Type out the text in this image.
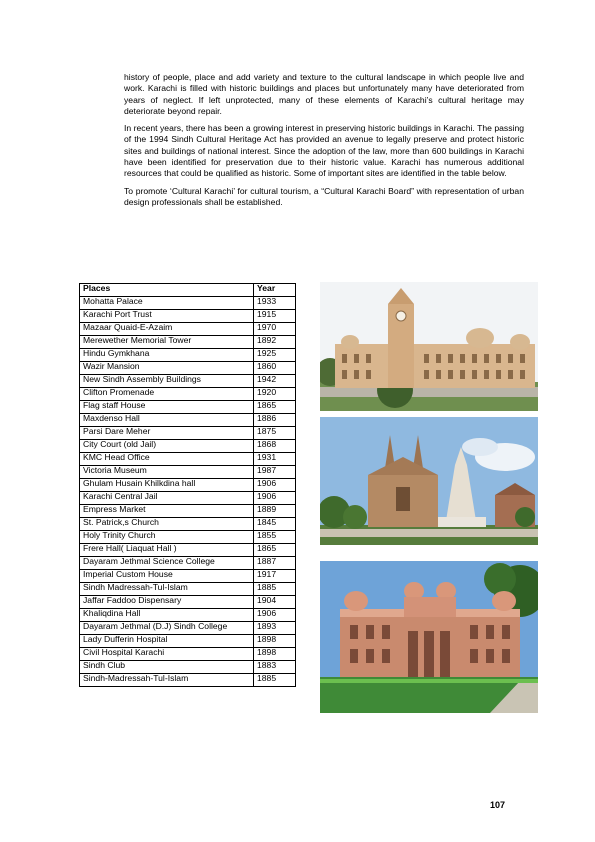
history of people, place and add variety and texture to the cultural landscape in which people live and work. Karachi is filled with historic buildings and places but unfortunately many have deteriorated from years of neglect. If left unprotected, many of these elements of Karachi’s cultural heritage may deteriorate beyond repair.

In recent years, there has been a growing interest in preserving historic buildings in Karachi. The passing of the 1994 Sindh Cultural Heritage Act has provided an avenue to legally preserve and protect historic sites and buildings of national interest. Since the adoption of the law, more than 600 buildings in Karachi have been identified for preservation due to their historic value. Karachi has numerous additional resources that could be qualified as historic. Some of important sites are identified in the table below.

To promote ‘Cultural Karachi’ for cultural tourism, a “Cultural Karachi Board” with representation of urban design professionals shall be established.

Places	Year
Mohatta Palace	1933
Karachi Port Trust	1915
Mazaar Quaid-E-Azaim	1970
Merewether Memorial Tower	1892
Hindu Gymkhana	1925
Wazir Mansion	1860
New Sindh Assembly Buildings	1942
Clifton Promenade	1920
Flag staff House	1865
Maxdenso Hall	1886
Parsi Dare Meher	1875
City Court (old Jail)	1868
KMC Head Office	1931
Victoria Museum	1987
Ghulam Husain Khilkdina hall	1906
Karachi Central Jail	1906
Empress Market	1889
St. Patrick,s Church	1845
Holy Trinity Church	1855
Frere Hall( Liaquat Hall )	1865
Dayaram Jethmal Science College	1887
Imperial Custom House	1917
Sindh Madressah-Tul-Islam	1885
Jaffar Faddoo Dispensary	1904
Khaliqdina Hall	1906
Dayaram Jethmal (D.J) Sindh College	1893
Lady Dufferin Hospital	1898
Civil Hospital Karachi	1898
Sindh Club	1883
Sindh-Madressah-Tul-Islam	1885
107
